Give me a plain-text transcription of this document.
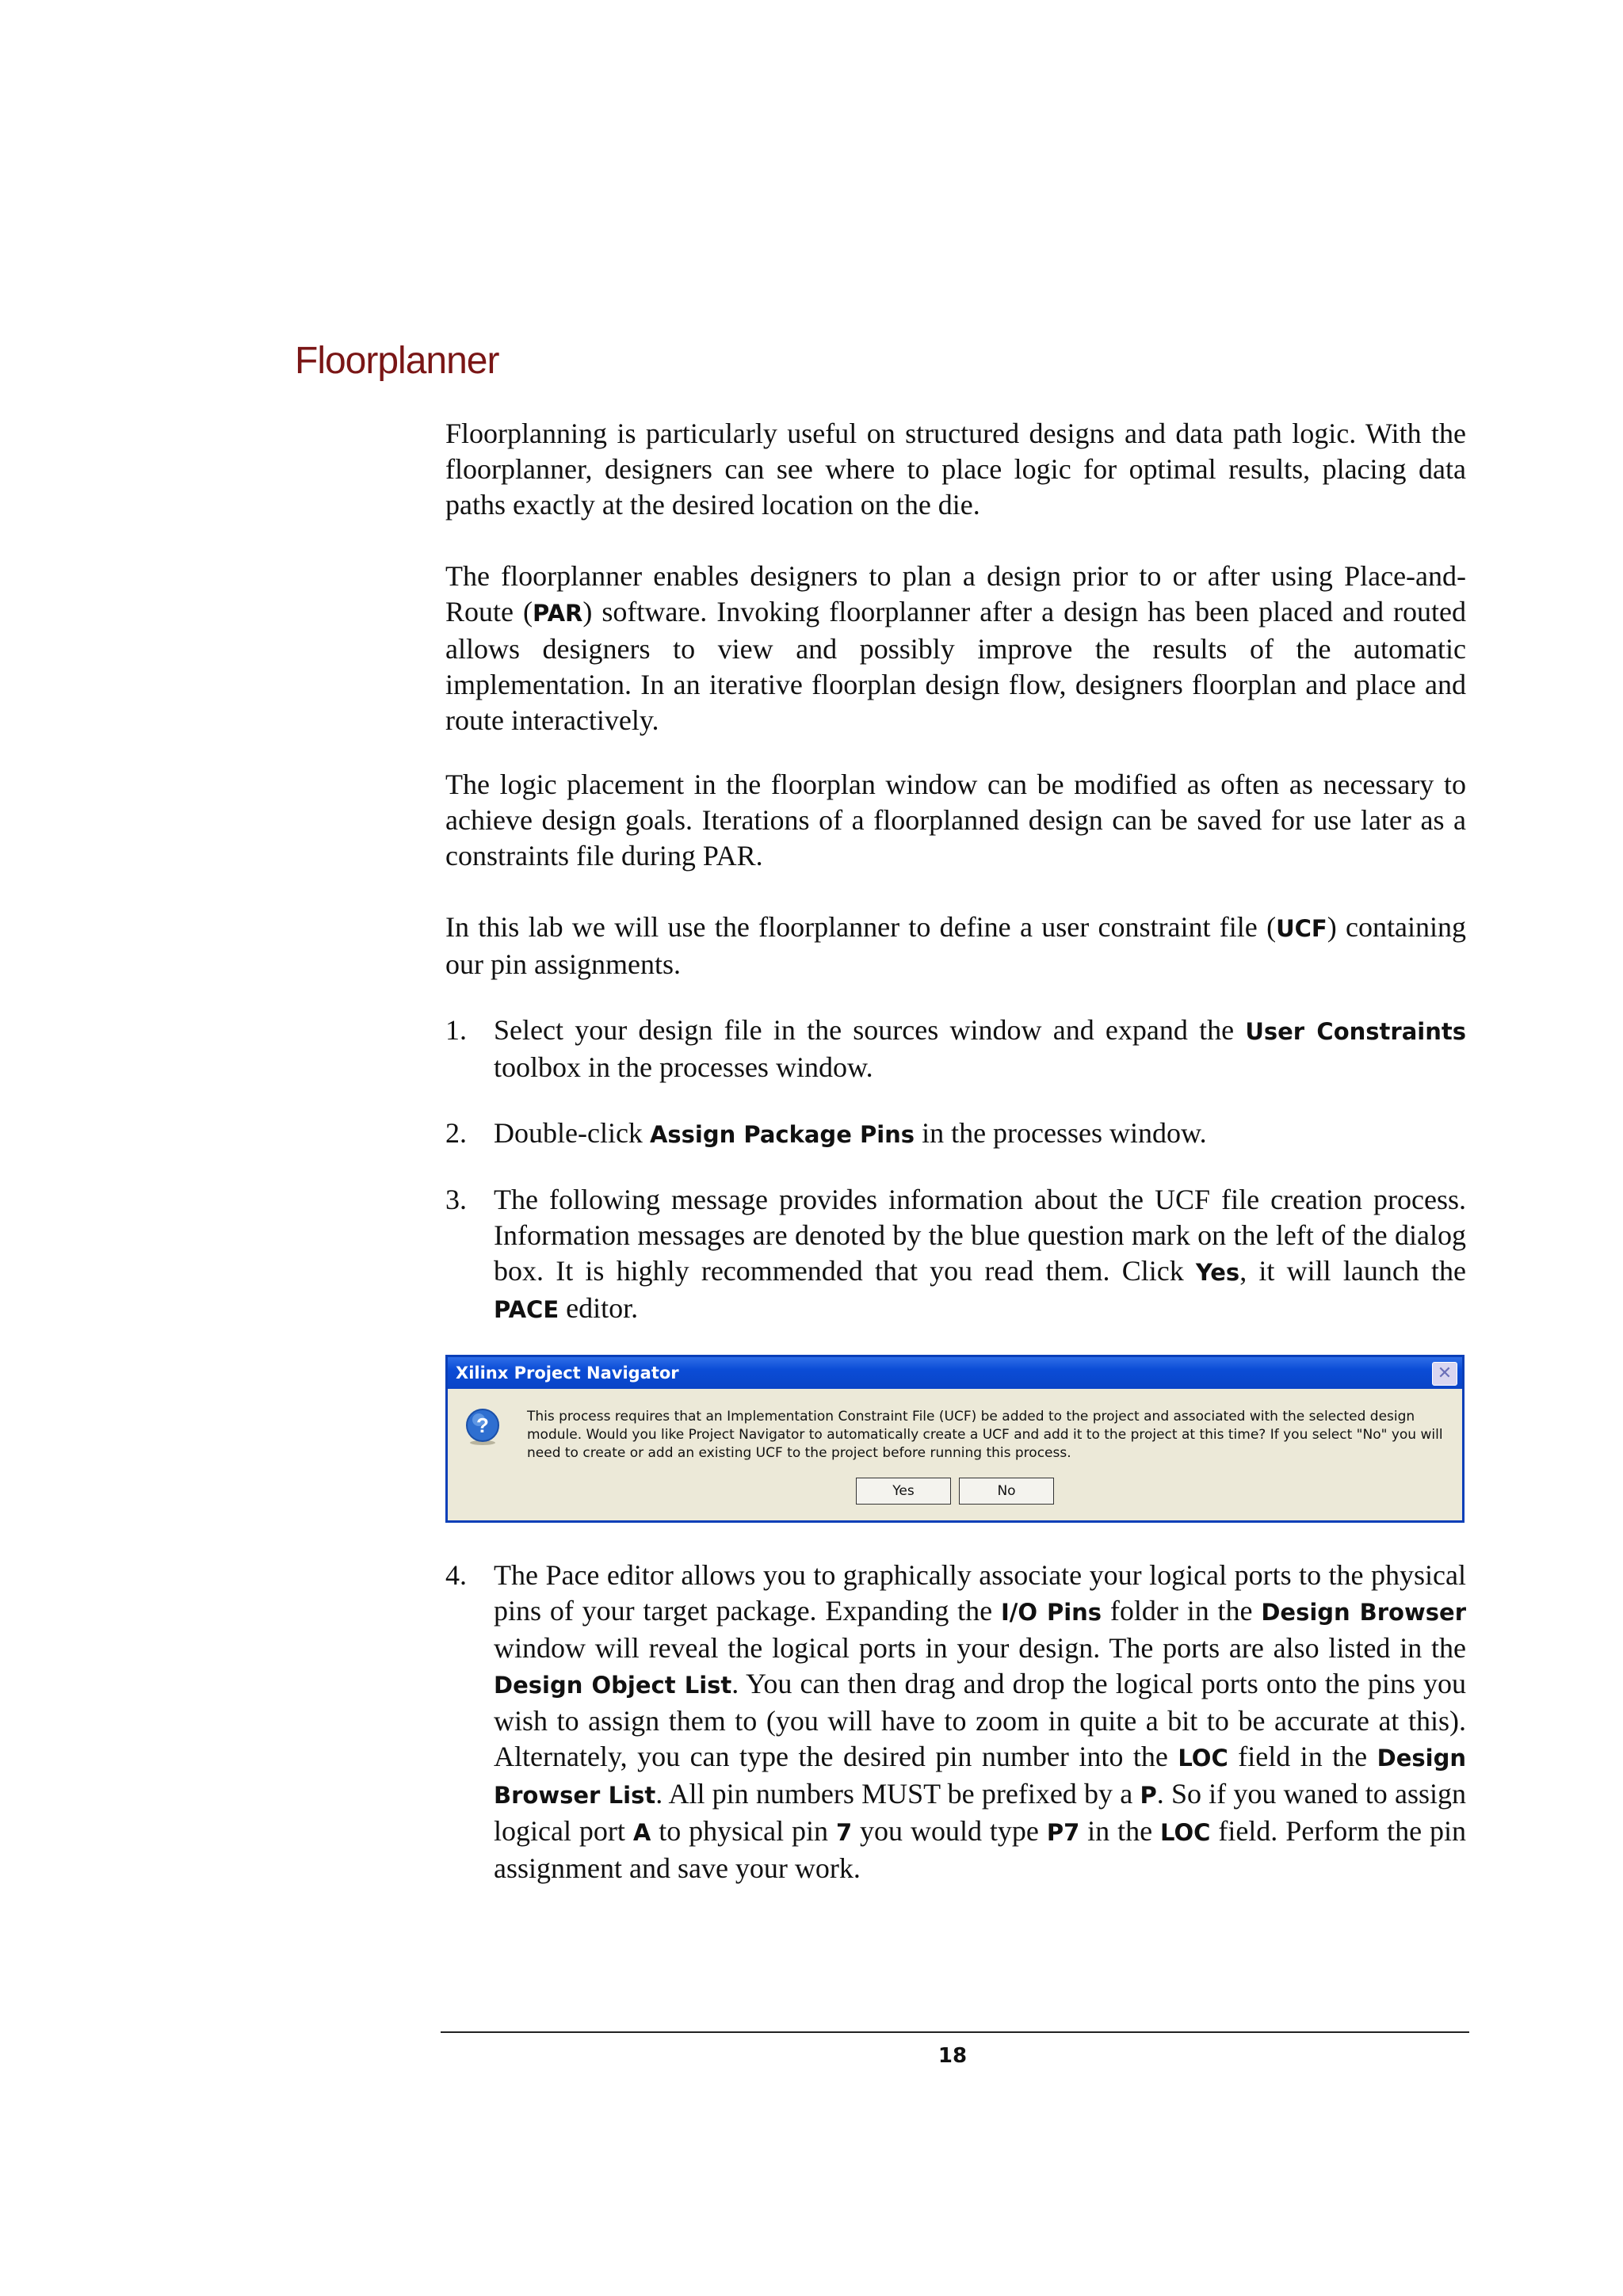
Floorplanner

Floorplanning is particularly useful on structured designs and data path logic. With the floorplanner, designers can see where to place logic for optimal results, placing data paths exactly at the desired location on the die.

The floorplanner enables designers to plan a design prior to or after using Place-and-Route (PAR) software. Invoking floorplanner after a design has been placed and routed allows designers to view and possibly improve the results of the automatic implementation. In an iterative floorplan design flow, designers floorplan and place and route interactively.

The logic placement in the floorplan window can be modified as often as necessary to achieve design goals. Iterations of a floorplanned design can be saved for use later as a constraints file during PAR.

In this lab we will use the floorplanner to define a user constraint file (UCF) containing our pin assignments.

1. Select your design file in the sources window and expand the User Constraints toolbox in the processes window.
2. Double-click Assign Package Pins in the processes window.
3. The following message provides information about the UCF file creation process. Information messages are denoted by the blue question mark on the left of the dialog box. It is highly recommended that you read them. Click Yes, it will launch the PACE editor.
Xilinx Project Navigator	✕
?	This process requires that an Implementation Constraint File (UCF) be added to the project and associated with the selected design module. Would you like Project Navigator to automatically create a UCF and add it to the project at this time? If you select "No" you will need to create or add an existing UCF to the project before running this process.
Yes	No
4. The Pace editor allows you to graphically associate your logical ports to the physical pins of your target package. Expanding the I/O Pins folder in the Design Browser window will reveal the logical ports in your design. The ports are also listed in the Design Object List. You can then drag and drop the logical ports onto the pins you wish to assign them to (you will have to zoom in quite a bit to be accurate at this). Alternately, you can type the desired pin number into the LOC field in the Design Browser List. All pin numbers MUST be prefixed by a P. So if you waned to assign logical port A to physical pin 7 you would type P7 in the LOC field. Perform the pin assignment and save your work.
18
